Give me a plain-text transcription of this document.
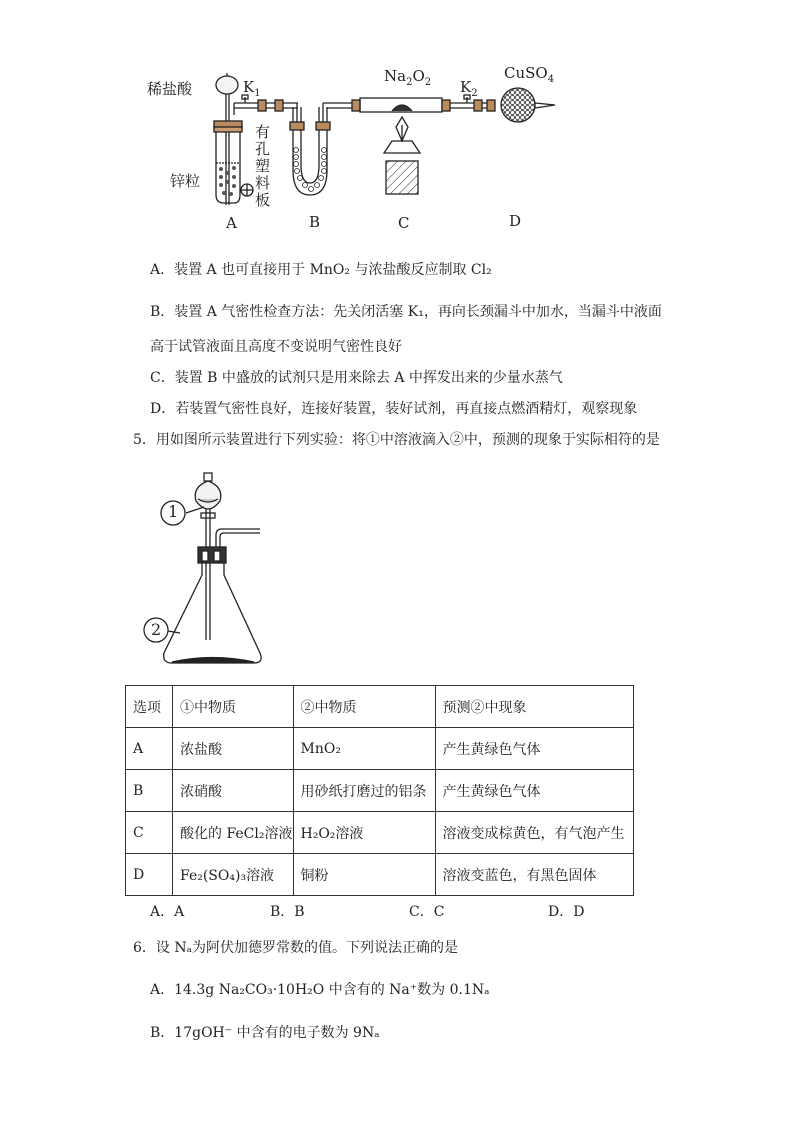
稀盐酸	$K_1$
有
孔
塑
料
板
锌粒
$Na_2O_2$ $K_2$
CuSO$_4$
A	B	C	D
A．装置 A 也可直接用于 MnO₂ 与浓盐酸反应制取 Cl₂
B．装置 A 气密性检查方法：先关闭活塞 K₁，再向长颈漏斗中加水，当漏斗中液面
高于试管液面且高度不变说明气密性良好
C．装置 B 中盛放的试剂只是用来除去 A 中挥发出来的少量水蒸气
D．若装置气密性良好，连接好装置，装好试剂，再直接点燃酒精灯，观察现象
5．用如图所示装置进行下列实验：将①中溶液滴入②中，预测的现象于实际相符的是
1
2
选项	①中物质	②中物质	预测②中现象
A	浓盐酸	MnO₂	产生黄绿色气体
B	浓硝酸	用砂纸打磨过的铝条	产生黄绿色气体
C	酸化的 FeCl₂溶液	H₂O₂溶液	溶液变成棕黄色，有气泡产生
D	Fe₂(SO₄)₃溶液	铜粉	溶液变蓝色，有黑色固体
A．A	B．B	C．C	D．D
6．设 Nₐ为阿伏加德罗常数的值。下列说法正确的是
A．14.3g Na₂CO₃·10H₂O 中含有的 Na⁺数为 0.1Nₐ
B．17gOH⁻ 中含有的电子数为 9Nₐ
